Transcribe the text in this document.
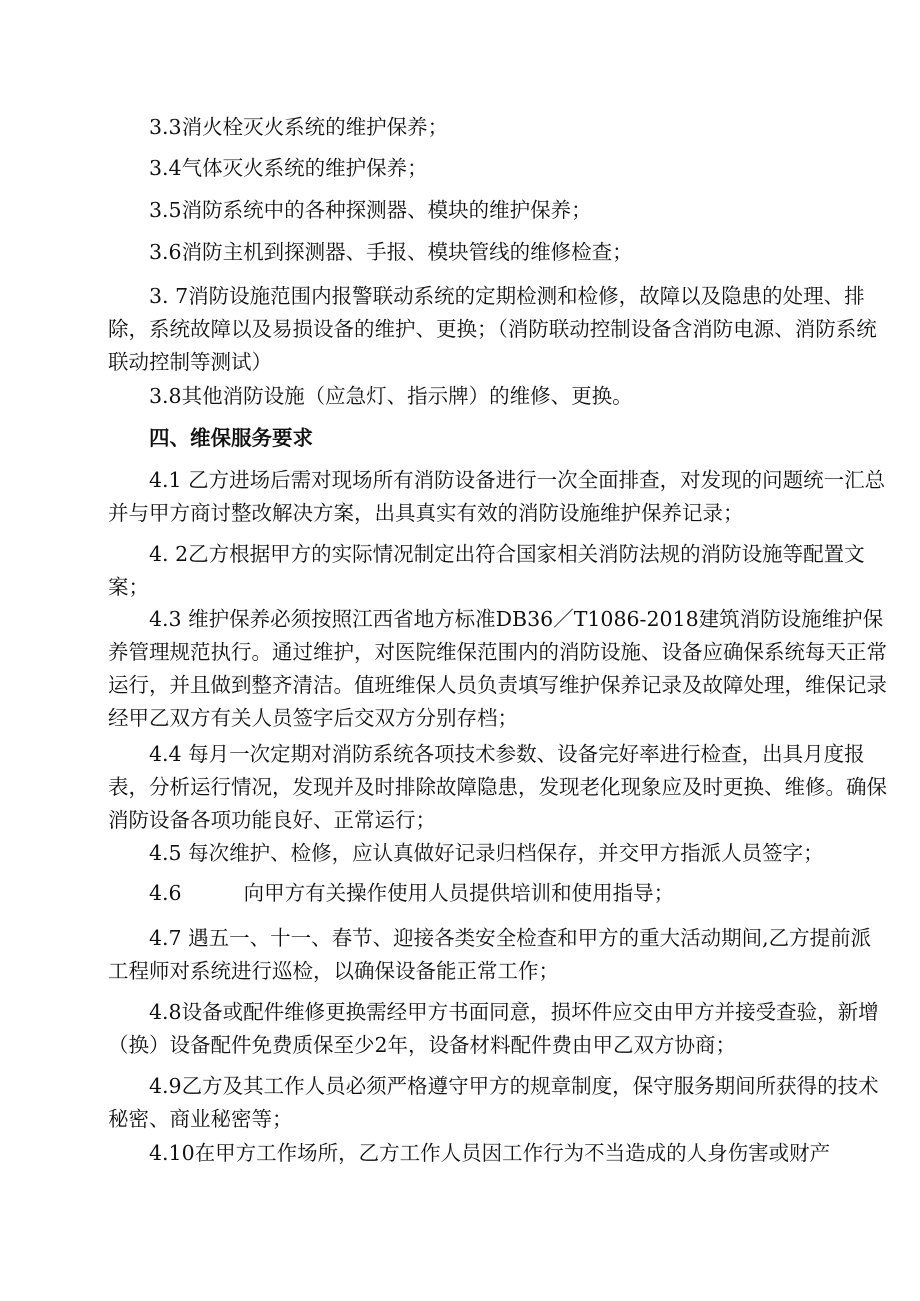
3.3消火栓灭火系统的维护保养；

3.4气体灭火系统的维护保养；

3.5消防系统中的各种探测器、模块的维护保养；

3.6消防主机到探测器、手报、模块管线的维修检查；

3. 7消防设施范围内报警联动系统的定期检测和检修，故障以及隐患的处理、排除，系统故障以及易损设备的维护、更换；（消防联动控制设备含消防电源、消防系统联动控制等测试）

3.8其他消防设施（应急灯、指示牌）的维修、更换。

四、维保服务要求

4.1 乙方进场后需对现场所有消防设备进行一次全面排查，对发现的问题统一汇总并与甲方商讨整改解决方案，出具真实有效的消防设施维护保养记录；

4. 2乙方根据甲方的实际情况制定出符合国家相关消防法规的消防设施等配置文案；

4.3 维护保养必须按照江西省地方标准DB36／T1086-2018建筑消防设施维护保养管理规范执行。通过维护，对医院维保范围内的消防设施、设备应确保系统每天正常运行，并且做到整齐清洁。值班维保人员负责填写维护保养记录及故障处理，维保记录经甲乙双方有关人员签字后交双方分别存档；

4.4 每月一次定期对消防系统各项技术参数、设备完好率进行检查，出具月度报表，分析运行情况，发现并及时排除故障隐患，发现老化现象应及时更换、维修。确保消防设备各项功能良好、正常运行；

4.5 每次维护、检修，应认真做好记录归档保存，并交甲方指派人员签字；

4.6	向甲方有关操作使用人员提供培训和使用指导；

4.7 遇五一、十一、春节、迎接各类安全检查和甲方的重大活动期间,乙方提前派工程师对系统进行巡检，以确保设备能正常工作；

4.8设备或配件维修更换需经甲方书面同意，损坏件应交由甲方并接受查验，新增（换）设备配件免费质保至少2年，设备材料配件费由甲乙双方协商；

4.9乙方及其工作人员必须严格遵守甲方的规章制度，保守服务期间所获得的技术秘密、商业秘密等；

4.10在甲方工作场所，乙方工作人员因工作行为不当造成的人身伤害或财产
